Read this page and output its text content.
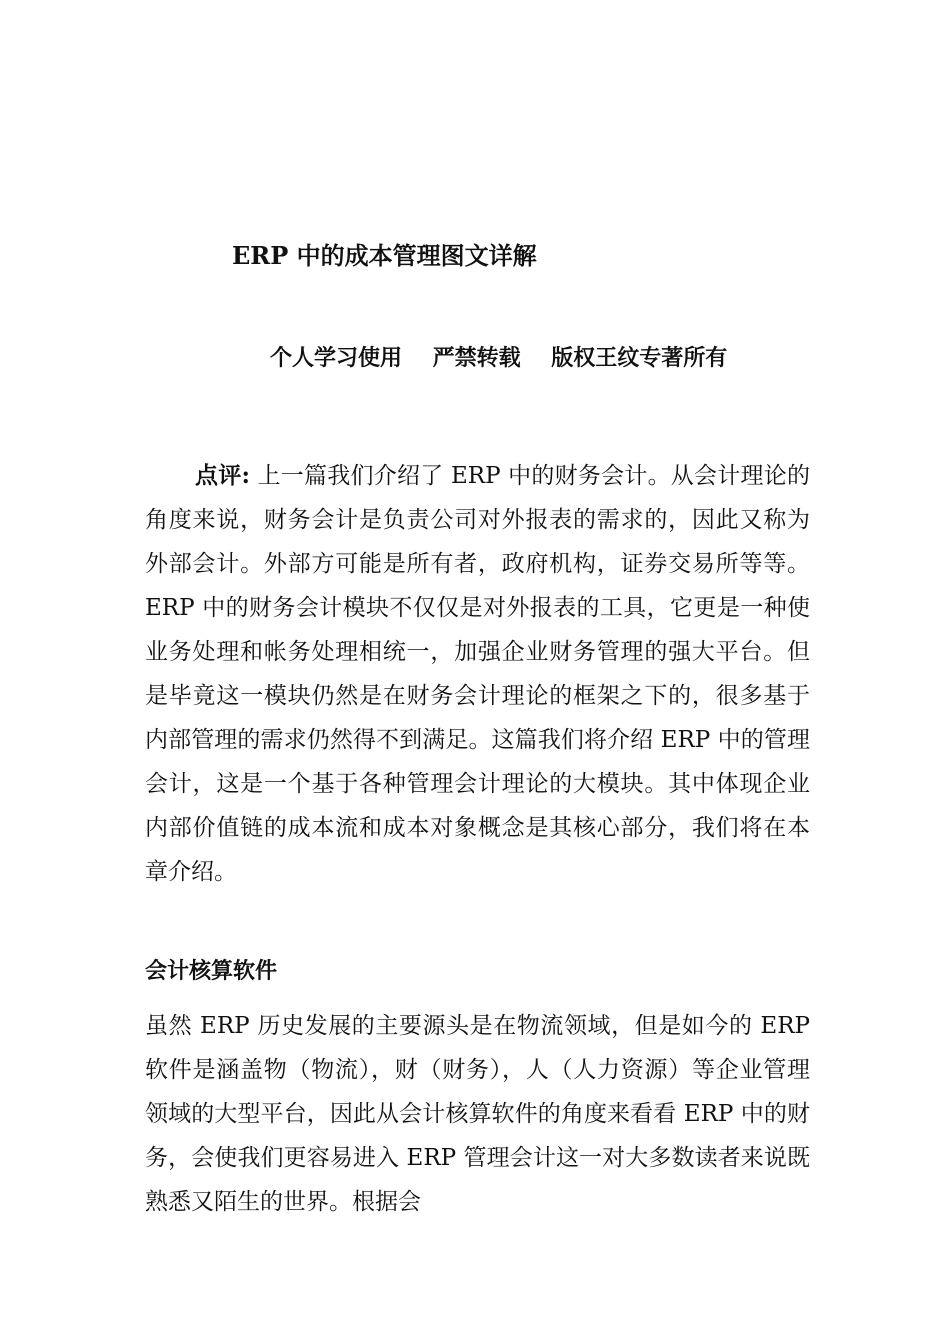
ERP 中的成本管理图文详解
个人学习使用    严禁转载    版权王纹专著所有
点评: 上一篇我们介绍了 ERP 中的财务会计。从会计理论的角度来说，财务会计是负责公司对外报表的需求的，因此又称为外部会计。外部方可能是所有者，政府机构，证券交易所等等。ERP 中的财务会计模块不仅仅是对外报表的工具，它更是一种使业务处理和帐务处理相统一，加强企业财务管理的强大平台。但是毕竟这一模块仍然是在财务会计理论的框架之下的，很多基于内部管理的需求仍然得不到满足。这篇我们将介绍 ERP 中的管理会计，这是一个基于各种管理会计理论的大模块。其中体现企业内部价值链的成本流和成本对象概念是其核心部分，我们将在本章介绍。
会计核算软件
虽然 ERP 历史发展的主要源头是在物流领域，但是如今的 ERP 软件是涵盖物（物流），财（财务），人（人力资源）等企业管理领域的大型平台，因此从会计核算软件的角度来看看 ERP 中的财务，会使我们更容易进入 ERP 管理会计这一对大多数读者来说既熟悉又陌生的世界。根据会
